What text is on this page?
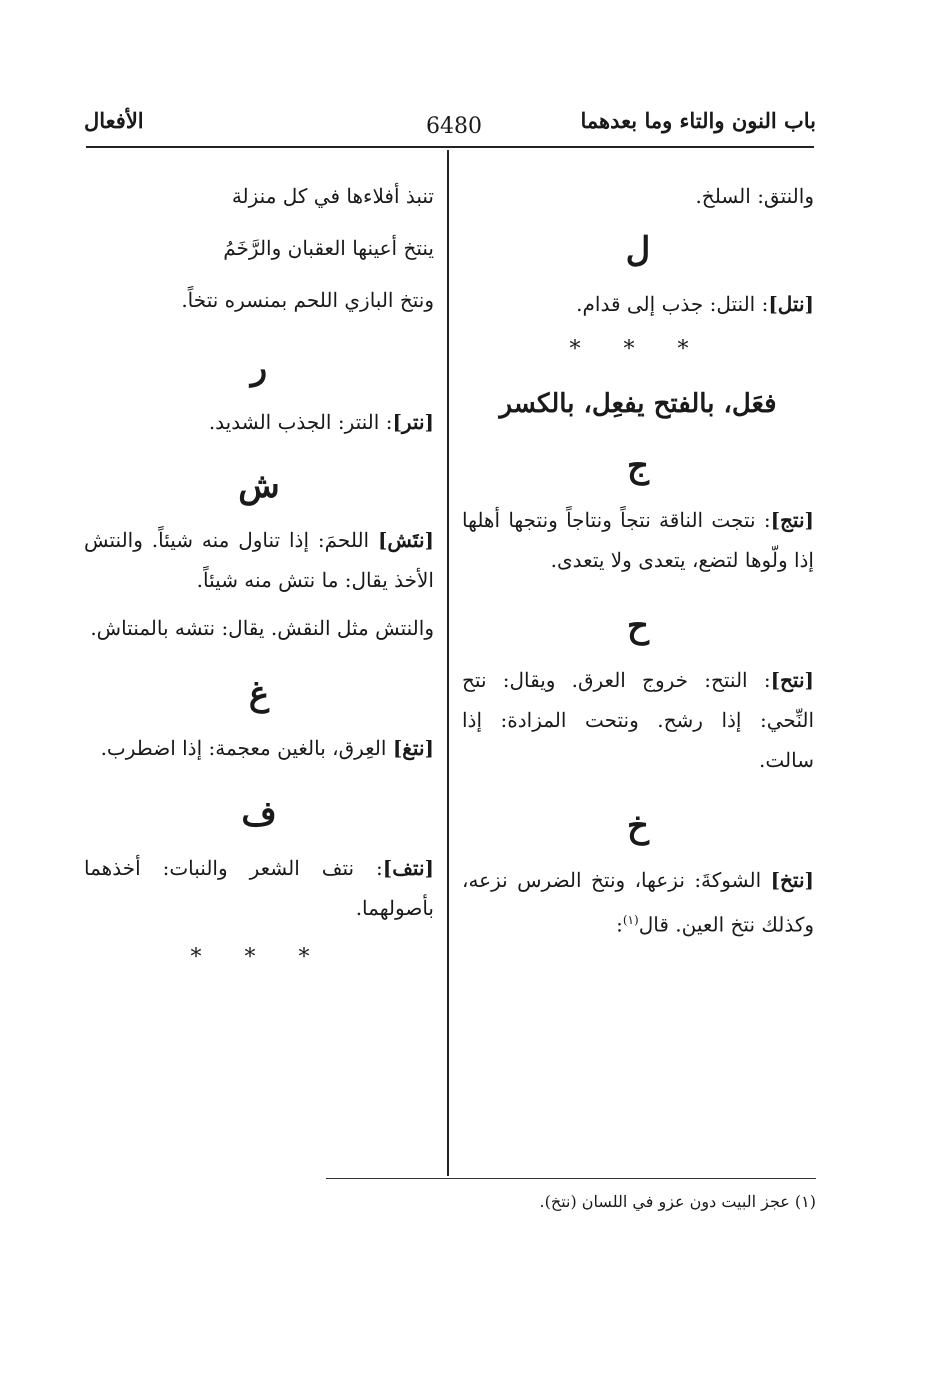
باب النون والتاء وما بعدهما
6480
الأفعال

والنتق: السلخ.

ل

[نتل]: النتل: جذب إلى قدام.

* * *
فعَل، بالفتح يفعِل، بالكسر
ج

[نتج]: نتجت الناقة نتجاً ونتاجاً ونتجها أهلها إذا ولّوها لتضع، يتعدى ولا يتعدى.

ح

[نتح]: النتح: خروج العرق. ويقال: نتح النِّحي: إذا رشح. ونتحت المزادة: إذا سالت.

خ

[نتخ] الشوكةَ: نزعها، ونتخ الضرس نزعه، وكذلك نتخ العين. قال$^{(١)}$:

تنبذ أفلاءها في كل منزلة

ينتخ أعينها العقبان والرَّخَمُ

ونتخ البازي اللحم بمنسره نتخاً.

ر

[نتر]: النتر: الجذب الشديد.

ش

[نتَش] اللحمَ: إذا تناول منه شيئاً. والنتش الأخذ يقال: ما نتش منه شيئاً.

والنتش مثل النقش. يقال: نتشه بالمنتاش.

غ

[نتغ] العِرق، بالغين معجمة: إذا اضطرب.

ف

[نتف]: نتف الشعر والنبات: أخذهما بأصولهما.

* * *
(١) عجز البيت دون عزو في اللسان (نتخ).
